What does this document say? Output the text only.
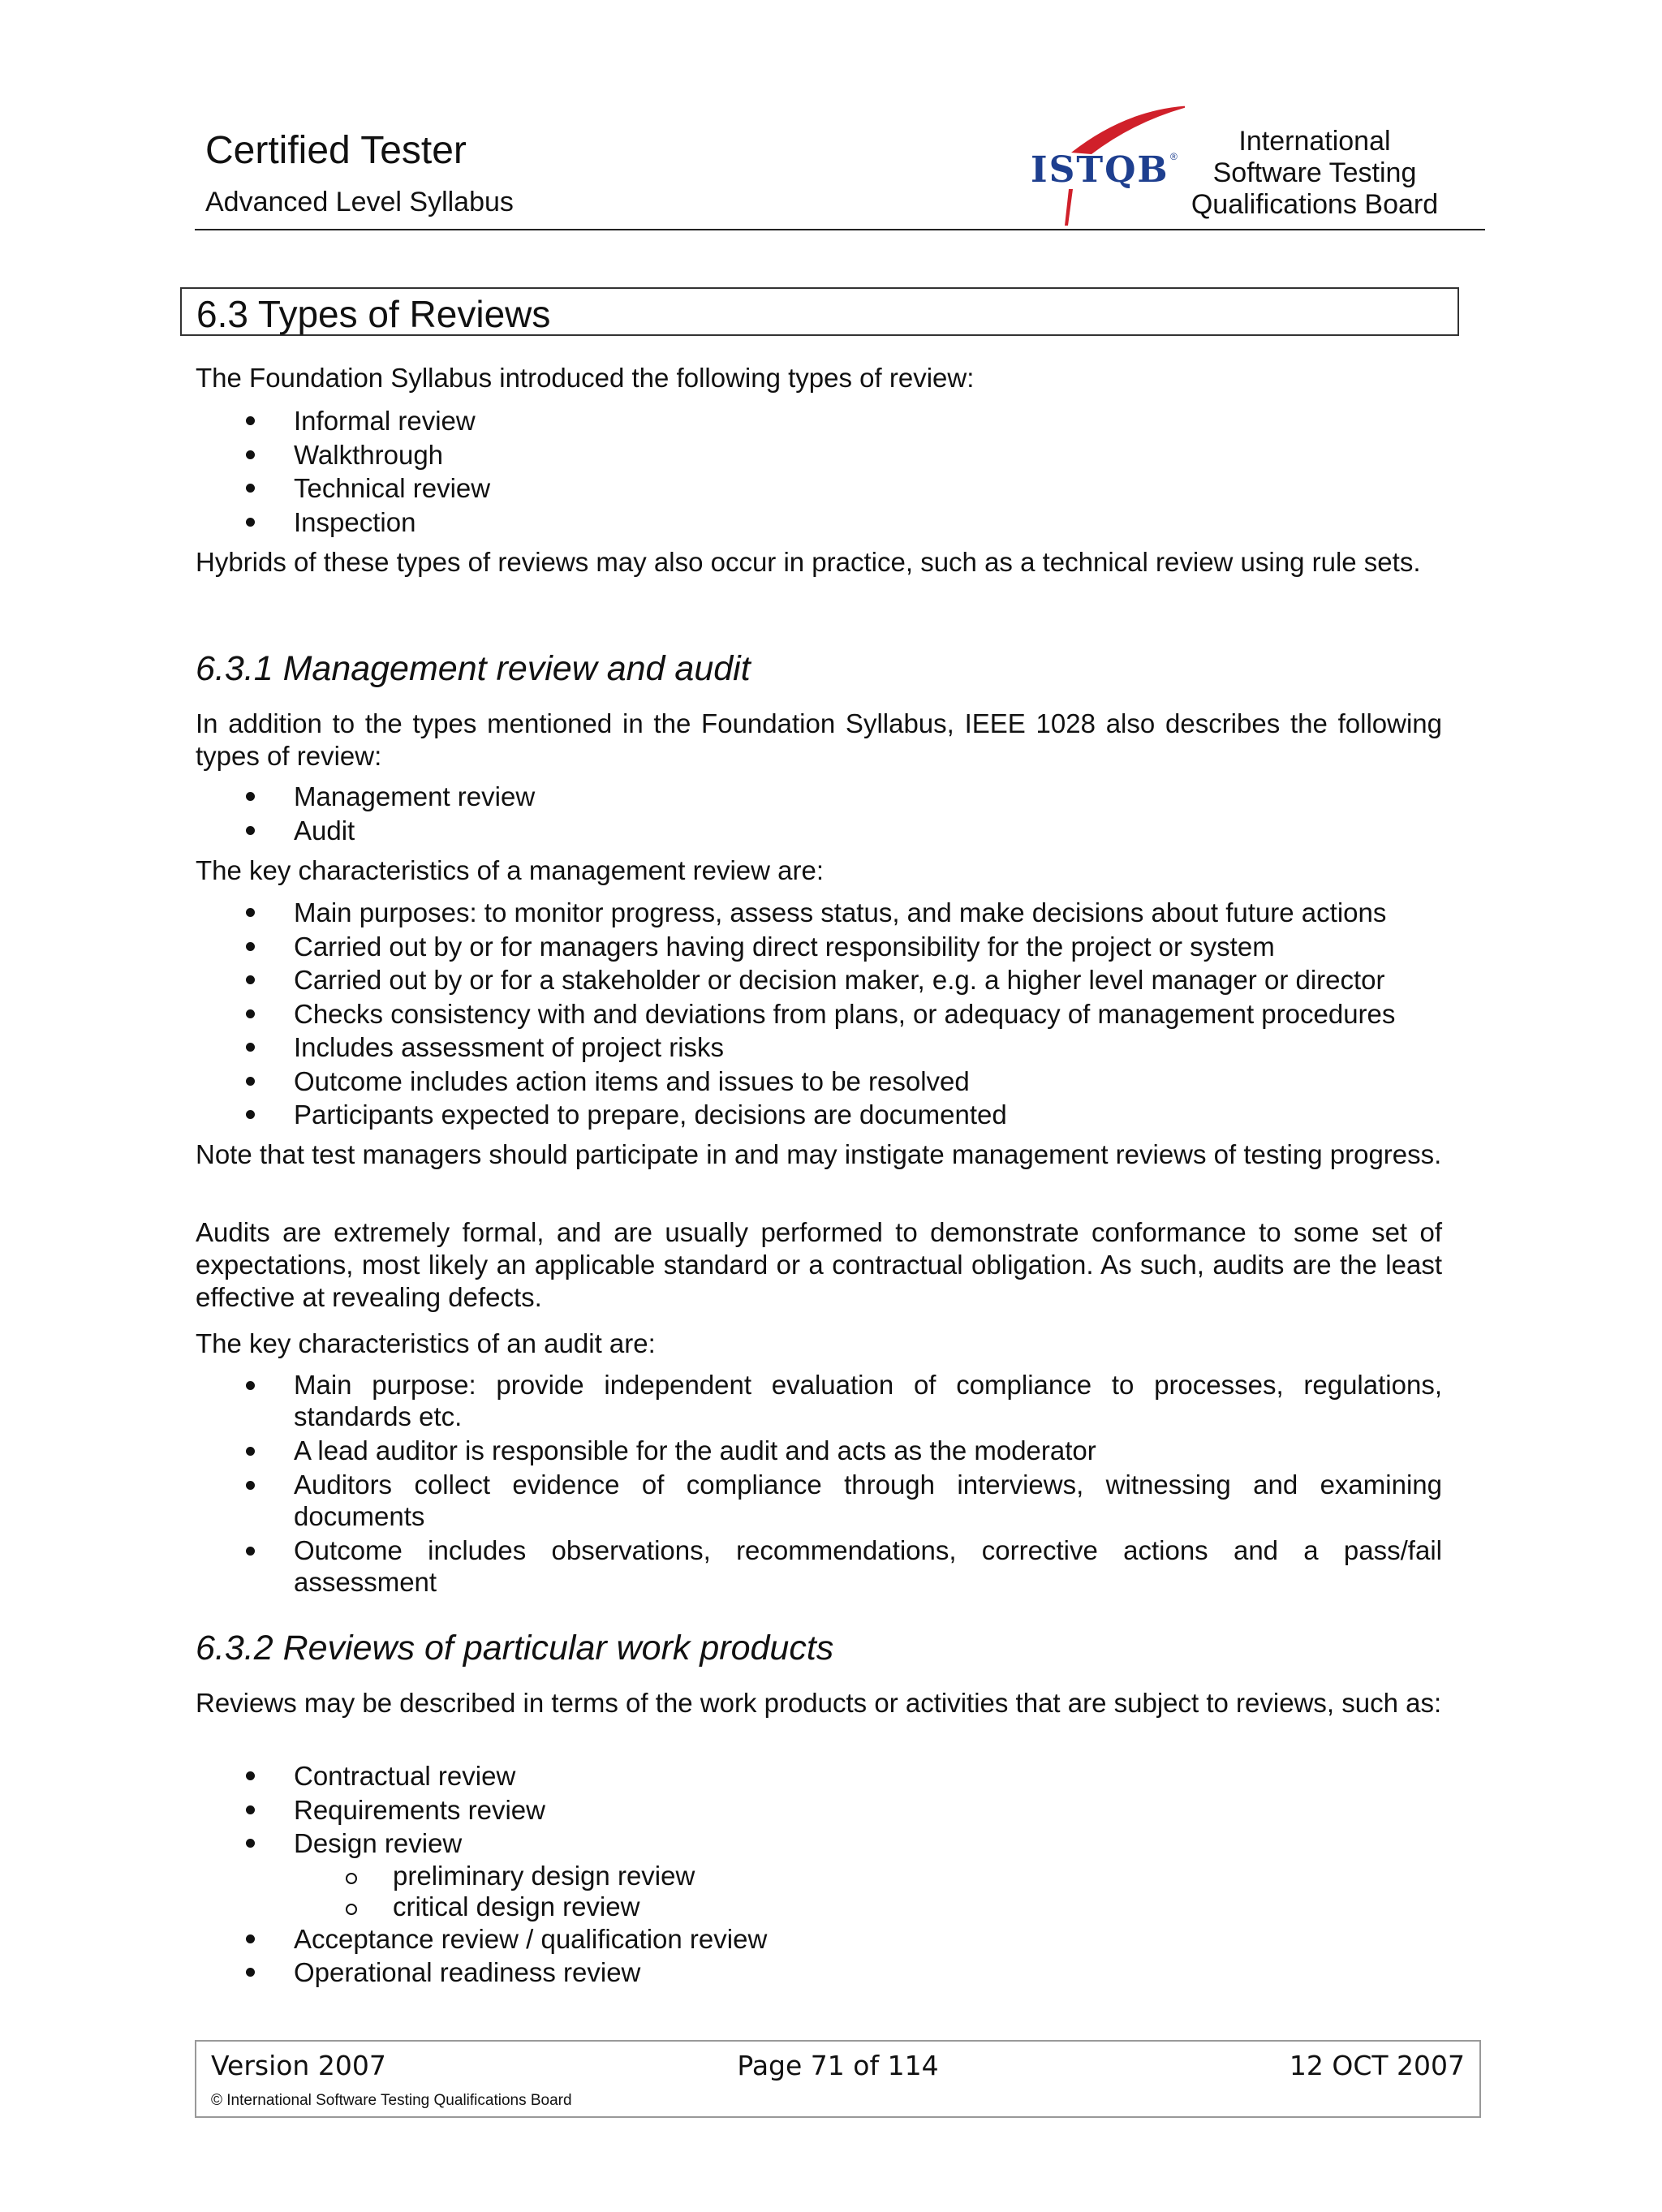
Certified Tester
Advanced Level Syllabus
ISTQB ®	International
Software Testing
Qualifications Board
6.3 Types of Reviews
The Foundation Syllabus introduced the following types of review:
Informal review
Walkthrough
Technical review
Inspection
Hybrids of these types of reviews may also occur in practice, such as a technical review using rule sets.
6.3.1 Management review and audit
In addition to the types mentioned in the Foundation Syllabus, IEEE 1028 also describes the following types of review:
Management review
Audit
The key characteristics of a management review are:
Main purposes: to monitor progress, assess status, and make decisions about future actions
Carried out by or for managers having direct responsibility for the project or system
Carried out by or for a stakeholder or decision maker, e.g. a higher level manager or director
Checks consistency with and deviations from plans, or adequacy of management procedures
Includes assessment of project risks
Outcome includes action items and issues to be resolved
Participants expected to prepare, decisions are documented
Note that test managers should participate in and may instigate management reviews of testing progress.
Audits are extremely formal, and are usually performed to demonstrate conformance to some set of expectations, most likely an applicable standard or a contractual obligation. As such, audits are the least effective at revealing defects.
The key characteristics of an audit are:
Main purpose: provide independent evaluation of compliance to processes, regulations, standards etc.
A lead auditor is responsible for the audit and acts as the moderator
Auditors collect evidence of compliance through interviews, witnessing and examining documents
Outcome includes observations, recommendations, corrective actions and a pass/fail assessment
6.3.2 Reviews of particular work products
Reviews may be described in terms of the work products or activities that are subject to reviews, such as:
Contractual review
Requirements review
Design review
preliminary design review
critical design review
Acceptance review / qualification review
Operational readiness review
Version 2007	Page 71 of 114	12 OCT 2007
© International Software Testing Qualifications Board
